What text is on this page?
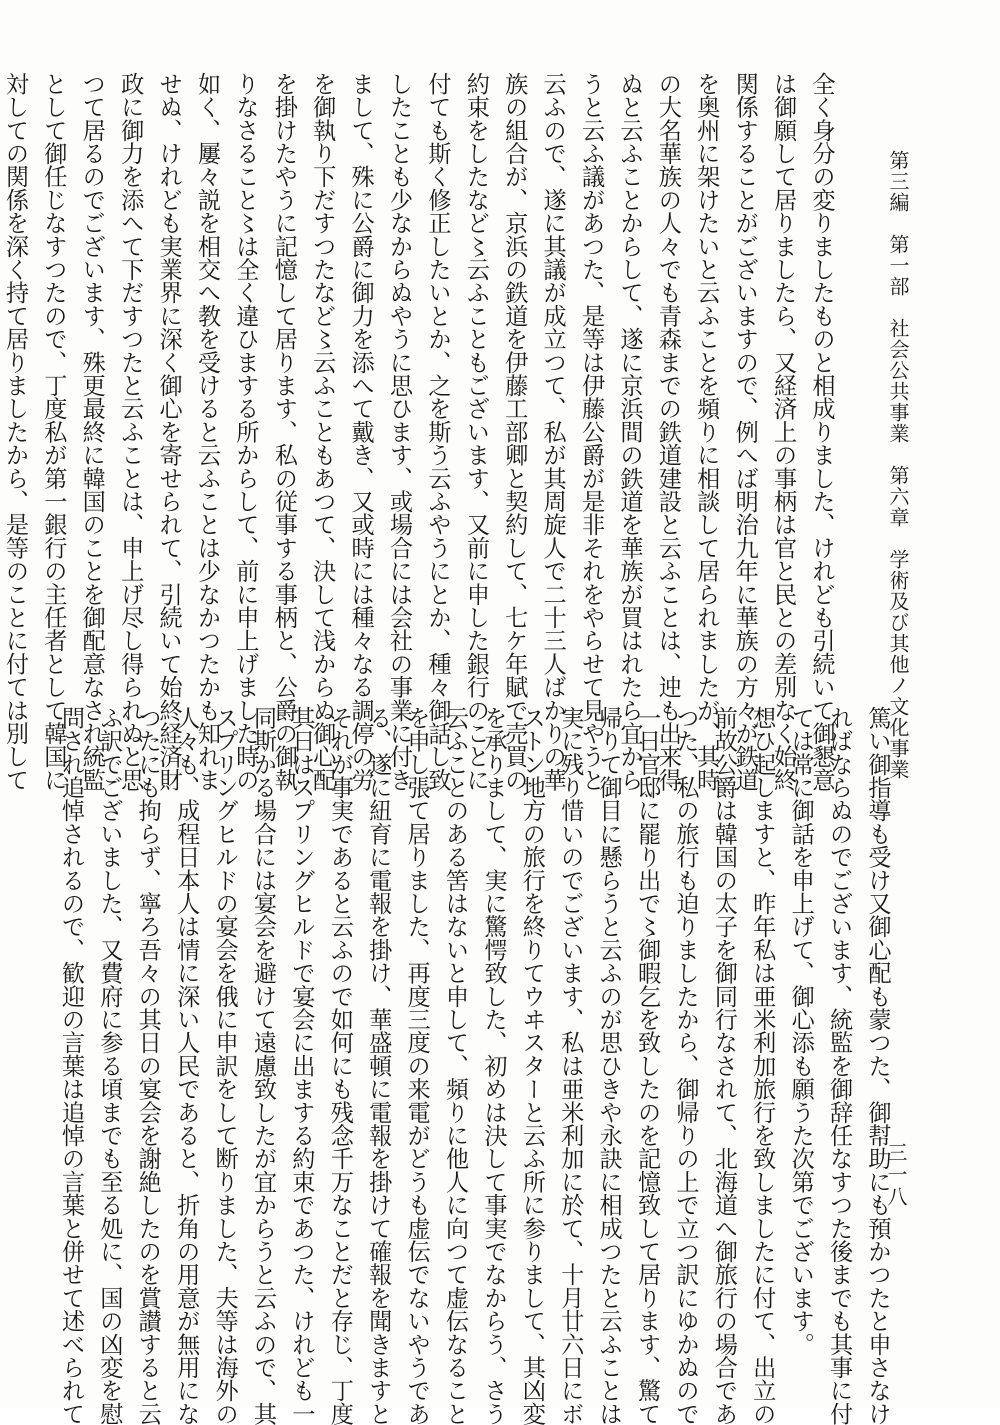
第三編　第一部　社会公共事業　第六章　学術及び其他ノ文化事業
三一八

全く身分の変りましたものと相成りました、けれども引続いて御懇意

は御願して居りましたら、又経済上の事柄は官と民との差別なく始終

関係することがございますので、例へば明治九年に華族の方々が鉄道

を奥州に架けたいと云ふことを頻りに相談して居られましたが、其時

の大名華族の人々でも青森までの鉄道建設と云ふことは、迚も出来得

ぬと云ふことからして、遂に京浜間の鉄道を華族が買はれたら宜から

うと云ふ議があつた、是等は伊藤公爵が是非それをやらせて見やうと

云ふので、遂に其議が成立つて、私が其周旋人で二十三人ばかりの華

族の組合が、京浜の鉄道を伊藤工部卿と契約して、七ケ年賦で売買の

約束をしたなど〻云ふこともございます、又前に申した銀行のことに

付ても斯く修正したいとか、之を斯う云ふやうにとか、種々御話し致

したことも少なからぬやうに思ひます、或場合には会社の事業に付き

まして、殊に公爵に御力を添へて戴き、又或時には種々なる調停の労

を御執り下だすつたなど〻云ふこともあつて、決して浅からぬ御心配

を掛けたやうに記憶して居ります、私の従事する事柄と、公爵の御執

りなさること〻は全く違ひまする所からして、前に申上げました時の

如く、屢々説を相交へ教を受けると云ふことは少なかつたかも知れま

せぬ、けれども実業界に深く御心を寄せられて、引続いて始終経済財

政に御力を添へて下だすつたと云ふことは、申上げ尽し得られぬと思

つて居るのでございます、殊更最終に韓国のことを御配意なされ統監

として御任じなすつたので、丁度私が第一銀行の主任者として韓国に

対しての関係を深く持て居りましたから、是等のことに付ては別して

篤い御指導も受け又御心配も蒙つた、御幇助にも預かつたと申さなけ

ればならぬのでございます、統監を御辞任なすつた後までも其事に付

ては常に御話を申上げて、御心添も願うた次第でございます。

想ひ起しますと、昨年私は亜米利加旅行を致しましたに付て、出立の

前故公爵は韓国の太子を御同行なされて、北海道へ御旅行の場合であ

つた、私の旅行も迫りましたから、御帰りの上で立つ訳にゆかぬので

一日官邸に罷り出で〻御暇乞を致したのを記憶致して居ります、驚て

帰りて御目に懸らうと云ふのが思ひきや永訣に相成つたと云ふことは

実に残り惜いのでございます、私は亜米利加に於て、十月廿六日にボ

ストン地方の旅行を終りてウヰスターと云ふ所に参りまして、其凶変

を承りまして、実に驚愕致した、初めは決して事実でなからう、さう

云ふことのある筈はないと申して、頻りに他人に向つて虚伝なること

を申し張て居りました、再度三度の来電がどうも虚伝でないやうであ

る、遂に紐育に電報を掛け、華盛頓に電報を掛けて確報を聞きますと

それが事実であると云ふので如何にも残念千万なことだと存じ、丁度

其日はスプリングヒルドで宴会に出まする約束であつた、けれども一

同斯かる場合には宴会を避けて遠慮致したが宜からうと云ふので、其

スプリングヒルドの宴会を俄に申訳をして断りました、夫等は海外の

人々も、成程日本人は情に深い人民であると、折角の用意が無用にな

つたにも拘らず、寧ろ吾々の其日の宴会を謝絶したのを賞讃すると云

ふ訳でございました、又費府に参る頃までも至る処に、国の凶変を慰

問され追悼されるので、歓迎の言葉は追悼の言葉と併せて述べられて
